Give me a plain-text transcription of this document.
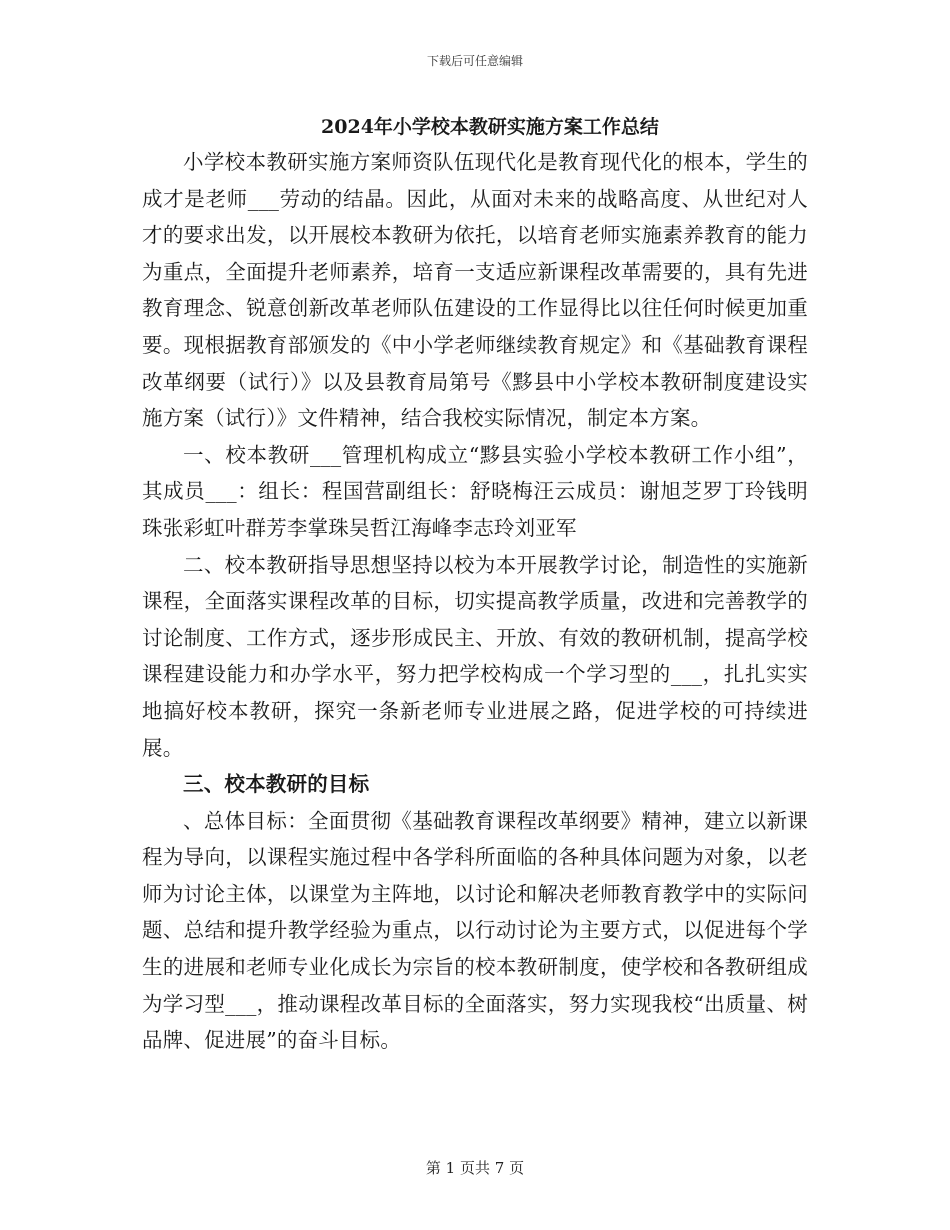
下载后可任意编辑
2024年小学校本教研实施方案工作总结

小学校本教研实施方案师资队伍现代化是教育现代化的根本，学生的成才是老师___劳动的结晶。因此，从面对未来的战略高度、从世纪对人才的要求出发，以开展校本教研为依托，以培育老师实施素养教育的能力为重点，全面提升老师素养，培育一支适应新课程改革需要的，具有先进教育理念、锐意创新改革老师队伍建设的工作显得比以往任何时候更加重要。现根据教育部颁发的《中小学老师继续教育规定》和《基础教育课程改革纲要（试行）》以及县教育局第号《黟县中小学校本教研制度建设实施方案（试行）》文件精神，结合我校实际情况，制定本方案。

一、校本教研___管理机构成立“黟县实验小学校本教研工作小组”，其成员___：组长：程国营副组长：舒晓梅汪云成员：谢旭芝罗丁玲钱明珠张彩虹叶群芳李掌珠吴哲江海峰李志玲刘亚军

二、校本教研指导思想坚持以校为本开展教学讨论，制造性的实施新课程，全面落实课程改革的目标，切实提高教学质量，改进和完善教学的讨论制度、工作方式，逐步形成民主、开放、有效的教研机制，提高学校课程建设能力和办学水平，努力把学校构成一个学习型的___，扎扎实实地搞好校本教研，探究一条新老师专业进展之路，促进学校的可持续进展。

三、校本教研的目标

、总体目标：全面贯彻《基础教育课程改革纲要》精神，建立以新课程为导向，以课程实施过程中各学科所面临的各种具体问题为对象，以老师为讨论主体，以课堂为主阵地，以讨论和解决老师教育教学中的实际问题、总结和提升教学经验为重点，以行动讨论为主要方式，以促进每个学生的进展和老师专业化成长为宗旨的校本教研制度，使学校和各教研组成为学习型___，推动课程改革目标的全面落实，努力实现我校“出质量、树品牌、促进展”的奋斗目标。

第 1 页共 7 页
